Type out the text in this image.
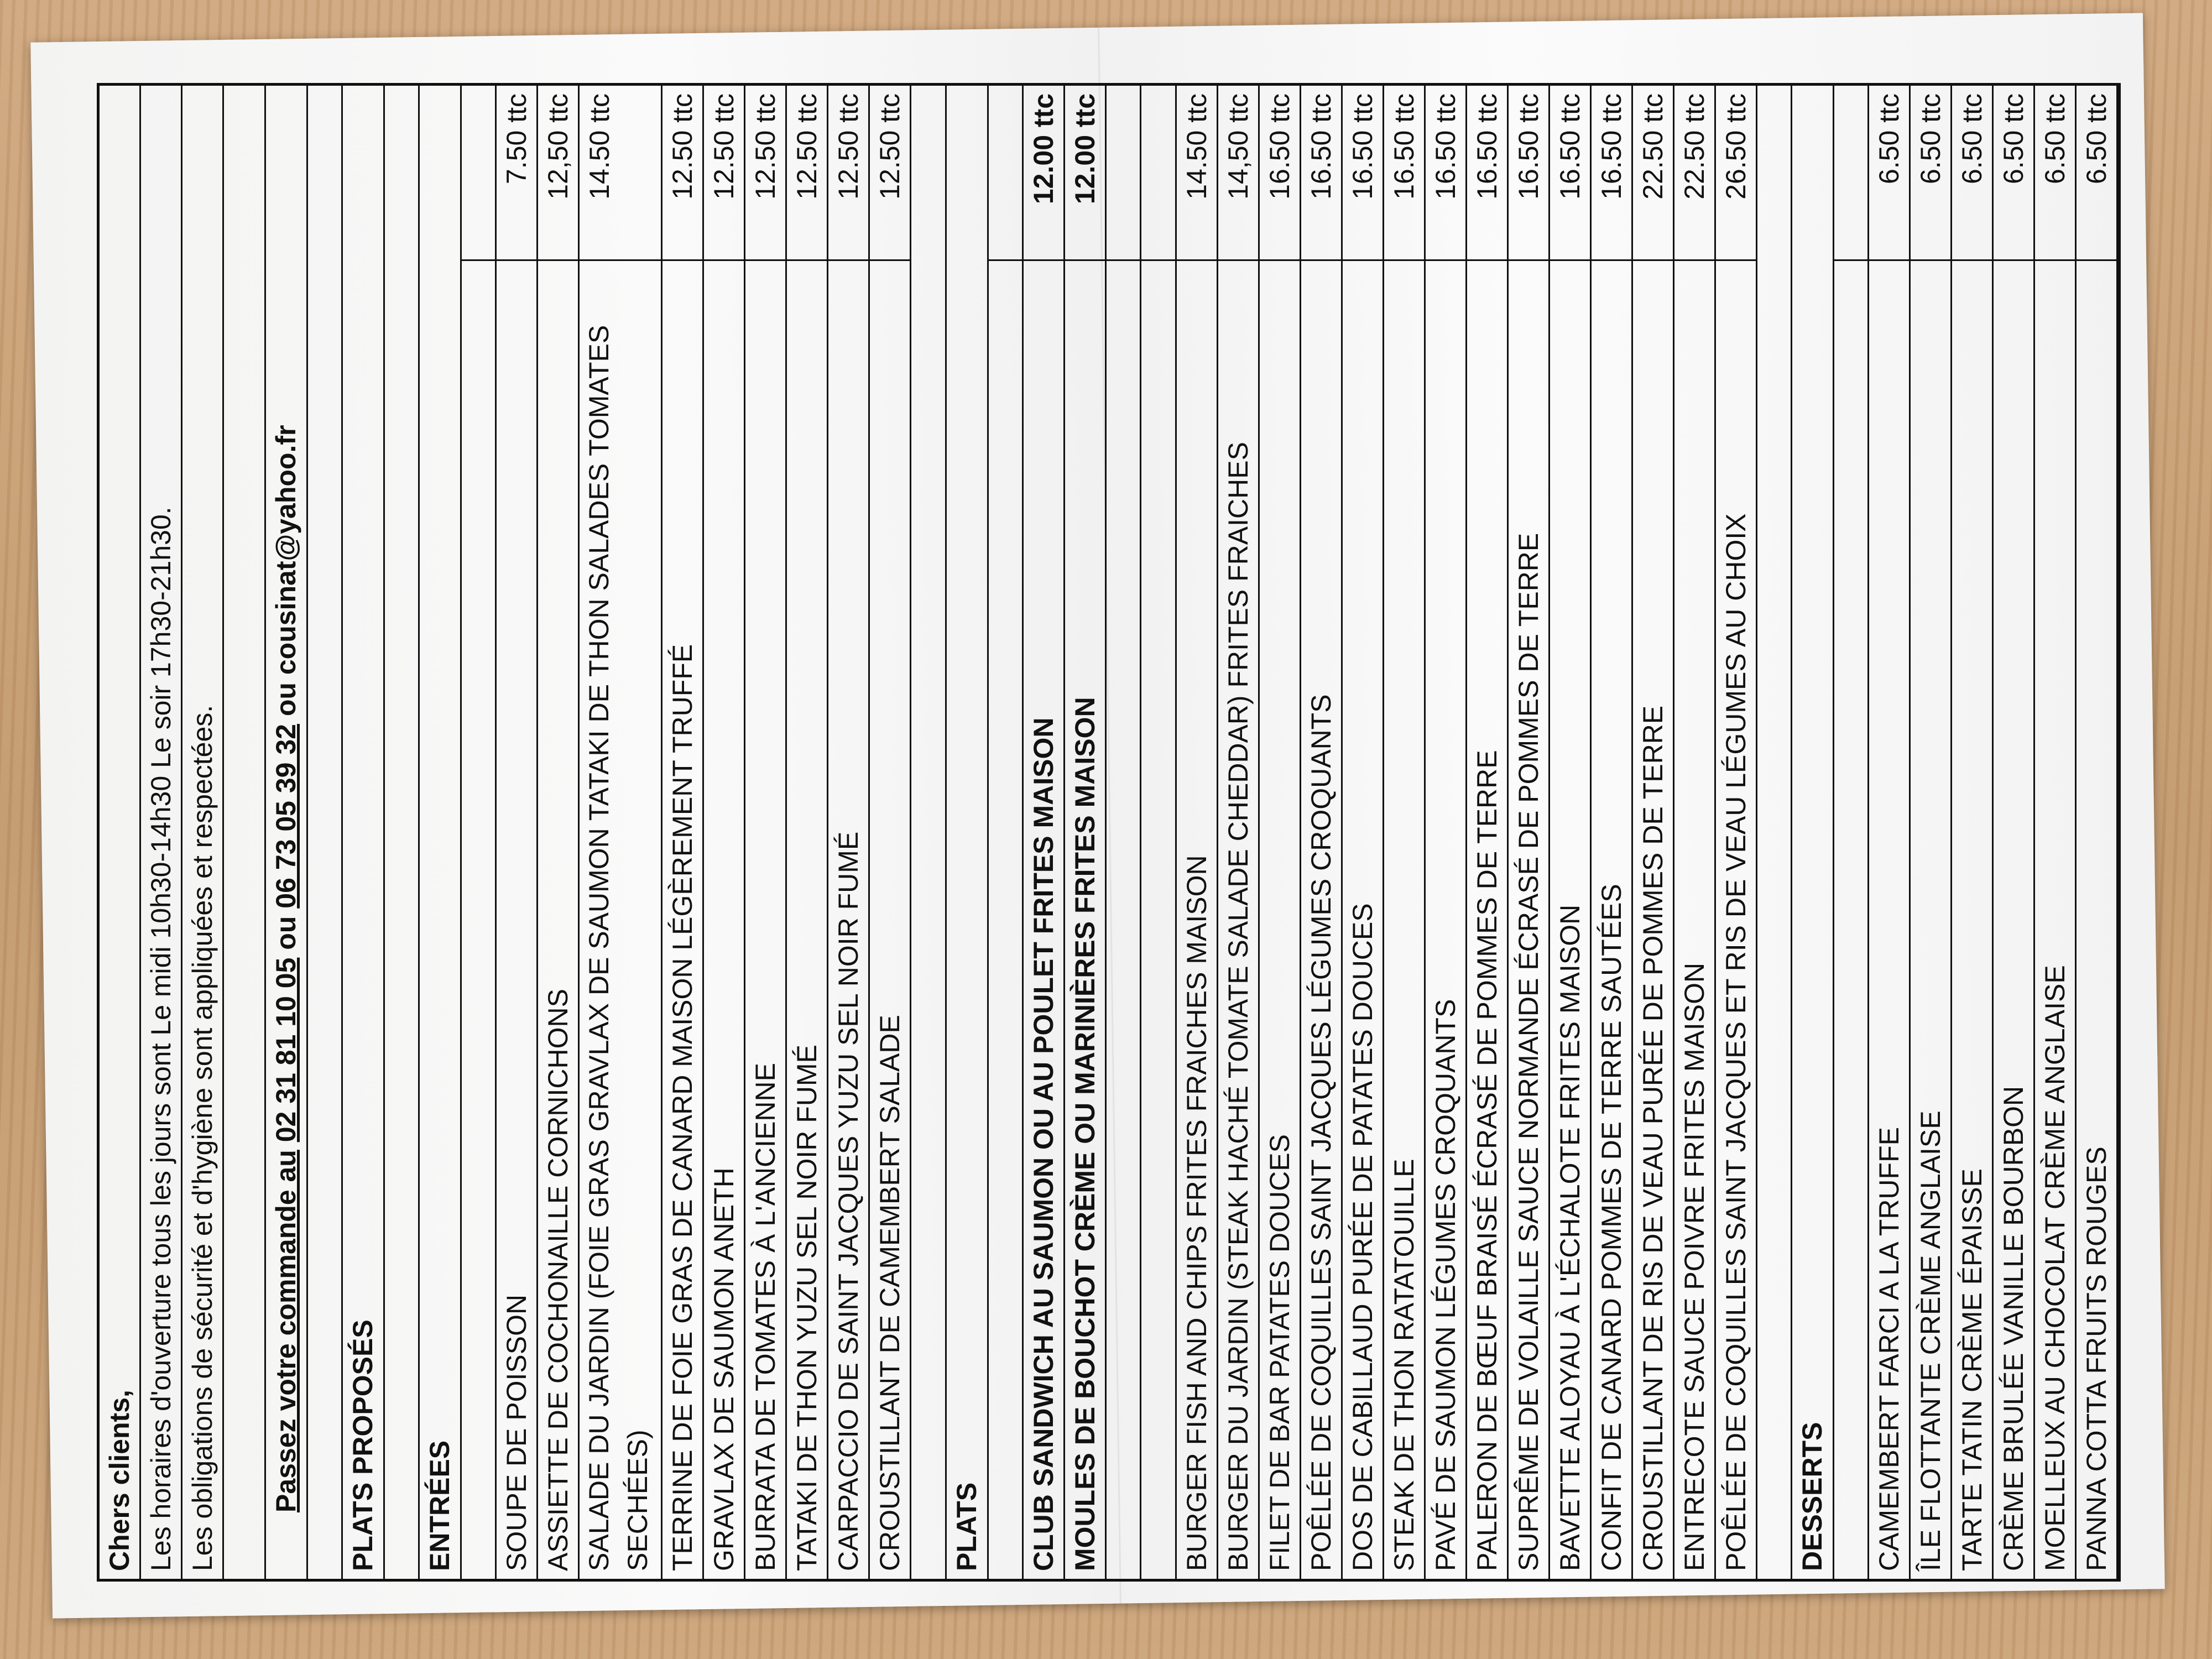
Chers clients, Les horaires d'ouverture tous les jours sont Le midi 10h30-14h30 Le soir 17h30-21h30. Les obligations de sécurité et d'hygiène sont appliquées et respectées. Passez votre commande au 02 31 81 10 05 ou 06 73 05 39 32 ou cousinat@yahoo.fr
PLATS PROPOSÉS ENTRÉES SOUPE DE POISSON
7.50 ttc
ASSIETTE DE COCHONAILLE CORNICHONS
12,50 ttc
SALADE DU JARDIN (FOIE GRAS GRAVLAX DE SAUMON TATAKI DE THON SALADES TOMATES SECHÉES)
14.50 ttc
TERRINE DE FOIE GRAS DE CANARD MAISON LÉGÈREMENT TRUFFÉ
12.50 ttc
GRAVLAX DE SAUMON ANETH
12.50 ttc
BURRATA DE TOMATES À L'ANCIENNE
12.50 ttc
TATAKI DE THON YUZU SEL NOIR FUMÉ
12.50 ttc
CARPACCIO DE SAINT JACQUES YUZU SEL NOIR FUMÉ
12.50 ttc
CROUSTILLANT DE CAMEMBERT SALADE
12.50 ttc
PLATS CLUB SANDWICH AU SAUMON OU AU POULET FRITES MAISON
12.00 ttc
MOULES DE BOUCHOT CRÈME OU MARINIÈRES FRITES MAISON
12.00 ttc
BURGER FISH AND CHIPS FRITES FRAICHES MAISON
14.50 ttc
BURGER DU JARDIN (STEAK HACHÉ TOMATE SALADE CHEDDAR) FRITES FRAICHES
14,50 ttc
FILET DE BAR PATATES DOUCES
16.50 ttc
POÊLÉE DE COQUILLES SAINT JACQUES LÉGUMES CROQUANTS
16.50 ttc
DOS DE CABILLAUD PURÉE DE PATATES DOUCES
16.50 ttc
STEAK DE THON RATATOUILLE
16.50 ttc
PAVÉ DE SAUMON LÉGUMES CROQUANTS
16.50 ttc
PALERON DE BŒUF BRAISÉ ÉCRASÉ DE POMMES DE TERRE
16.50 ttc
SUPRÊME DE VOLAILLE SAUCE NORMANDE ÉCRASÉ DE POMMES DE TERRE
16.50 ttc
BAVETTE ALOYAU À L'ÉCHALOTE FRITES MAISON
16.50 ttc
CONFIT DE CANARD POMMES DE TERRE SAUTÉES
16.50 ttc
CROUSTILLANT DE RIS DE VEAU PURÉE DE POMMES DE TERRE
22.50 ttc
ENTRECOTE SAUCE POIVRE FRITES MAISON
22.50 ttc
POÊLÉE DE COQUILLES SAINT JACQUES ET RIS DE VEAU LÉGUMES AU CHOIX
26.50 ttc
DESSERTS CAMEMBERT FARCI A LA TRUFFE
6.50 ttc
ÎLE FLOTTANTE CRÈME ANGLAISE
6.50 ttc
TARTE TATIN CRÈME ÉPAISSE
6.50 ttc
CRÈME BRULÉE VANILLE BOURBON
6.50 ttc
MOELLEUX AU CHOCOLAT CRÈME ANGLAISE
6.50 ttc
PANNA COTTA FRUITS ROUGES
6.50 ttc
